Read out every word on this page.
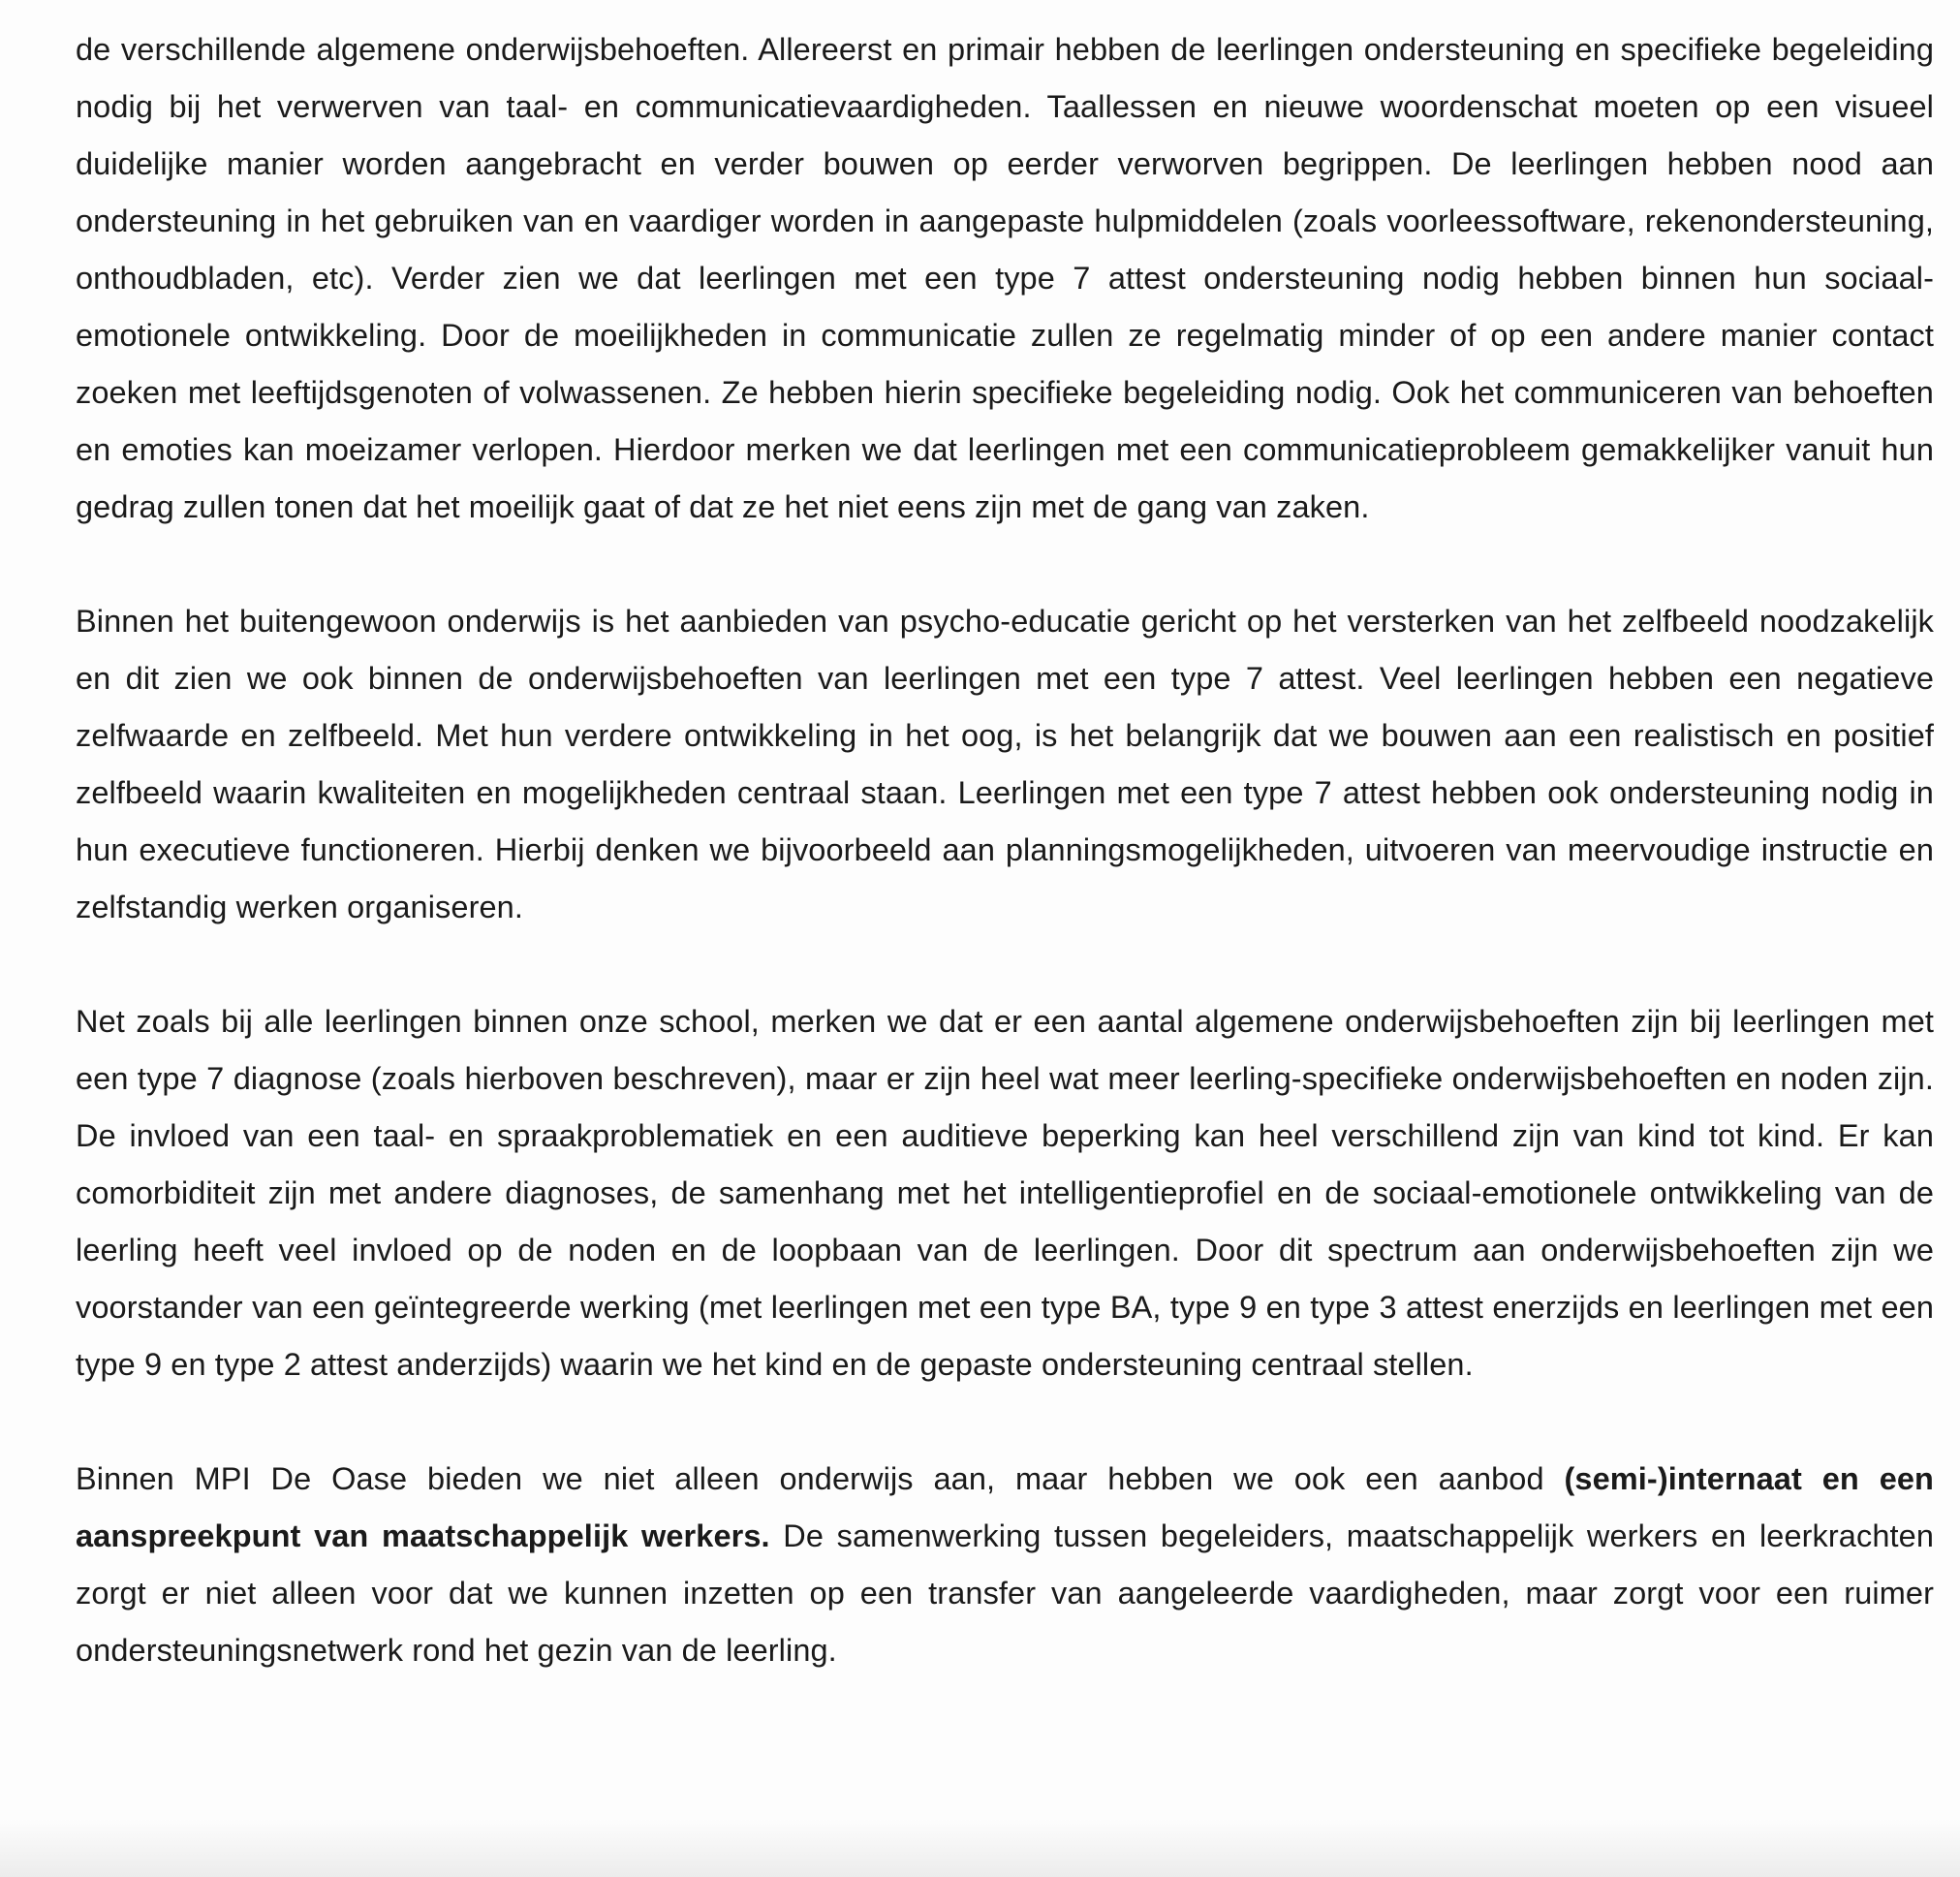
de verschillende algemene onderwijsbehoeften. Allereerst en primair hebben de leerlingen ondersteuning en specifieke begeleiding nodig bij het verwerven van taal- en communicatievaardigheden. Taallessen en nieuwe woordenschat moeten op een visueel duidelijke manier worden aangebracht en verder bouwen op eerder verworven begrippen. De leerlingen hebben nood aan ondersteuning in het gebruiken van en vaardiger worden in aangepaste hulpmiddelen (zoals voorleessoftware, rekenondersteuning, onthoudbladen, etc). Verder zien we dat leerlingen met een type 7 attest ondersteuning nodig hebben binnen hun sociaal-emotionele ontwikkeling. Door de moeilijkheden in communicatie zullen ze regelmatig minder of op een andere manier contact zoeken met leeftijdsgenoten of volwassenen. Ze hebben hierin specifieke begeleiding nodig. Ook het communiceren van behoeften en emoties kan moeizamer verlopen. Hierdoor merken we dat leerlingen met een communicatieprobleem gemakkelijker vanuit hun gedrag zullen tonen dat het moeilijk gaat of dat ze het niet eens zijn met de gang van zaken.

Binnen het buitengewoon onderwijs is het aanbieden van psycho-educatie gericht op het versterken van het zelfbeeld noodzakelijk en dit zien we ook binnen de onderwijsbehoeften van leerlingen met een type 7 attest. Veel leerlingen hebben een negatieve zelfwaarde en zelfbeeld. Met hun verdere ontwikkeling in het oog, is het belangrijk dat we bouwen aan een realistisch en positief zelfbeeld waarin kwaliteiten en mogelijkheden centraal staan. Leerlingen met een type 7 attest hebben ook ondersteuning nodig in hun executieve functioneren. Hierbij denken we bijvoorbeeld aan planningsmogelijkheden, uitvoeren van meervoudige instructie en zelfstandig werken organiseren.

Net zoals bij alle leerlingen binnen onze school, merken we dat er een aantal algemene onderwijsbehoeften zijn bij leerlingen met een type 7 diagnose (zoals hierboven beschreven), maar er zijn heel wat meer leerling-specifieke onderwijsbehoeften en noden zijn. De invloed van een taal- en spraakproblematiek en een auditieve beperking kan heel verschillend zijn van kind tot kind. Er kan comorbiditeit zijn met andere diagnoses, de samenhang met het intelligentieprofiel en de sociaal-emotionele ontwikkeling van de leerling heeft veel invloed op de noden en de loopbaan van de leerlingen. Door dit spectrum aan onderwijsbehoeften zijn we voorstander van een geïntegreerde werking (met leerlingen met een type BA, type 9 en type 3 attest enerzijds en leerlingen met een type 9 en type 2 attest anderzijds) waarin we het kind en de gepaste ondersteuning centraal stellen.

Binnen MPI De Oase bieden we niet alleen onderwijs aan, maar hebben we ook een aanbod (semi-)internaat en een aanspreekpunt van maatschappelijk werkers. De samenwerking tussen begeleiders, maatschappelijk werkers en leerkrachten zorgt er niet alleen voor dat we kunnen inzetten op een transfer van aangeleerde vaardigheden, maar zorgt voor een ruimer ondersteuningsnetwerk rond het gezin van de leerling.
